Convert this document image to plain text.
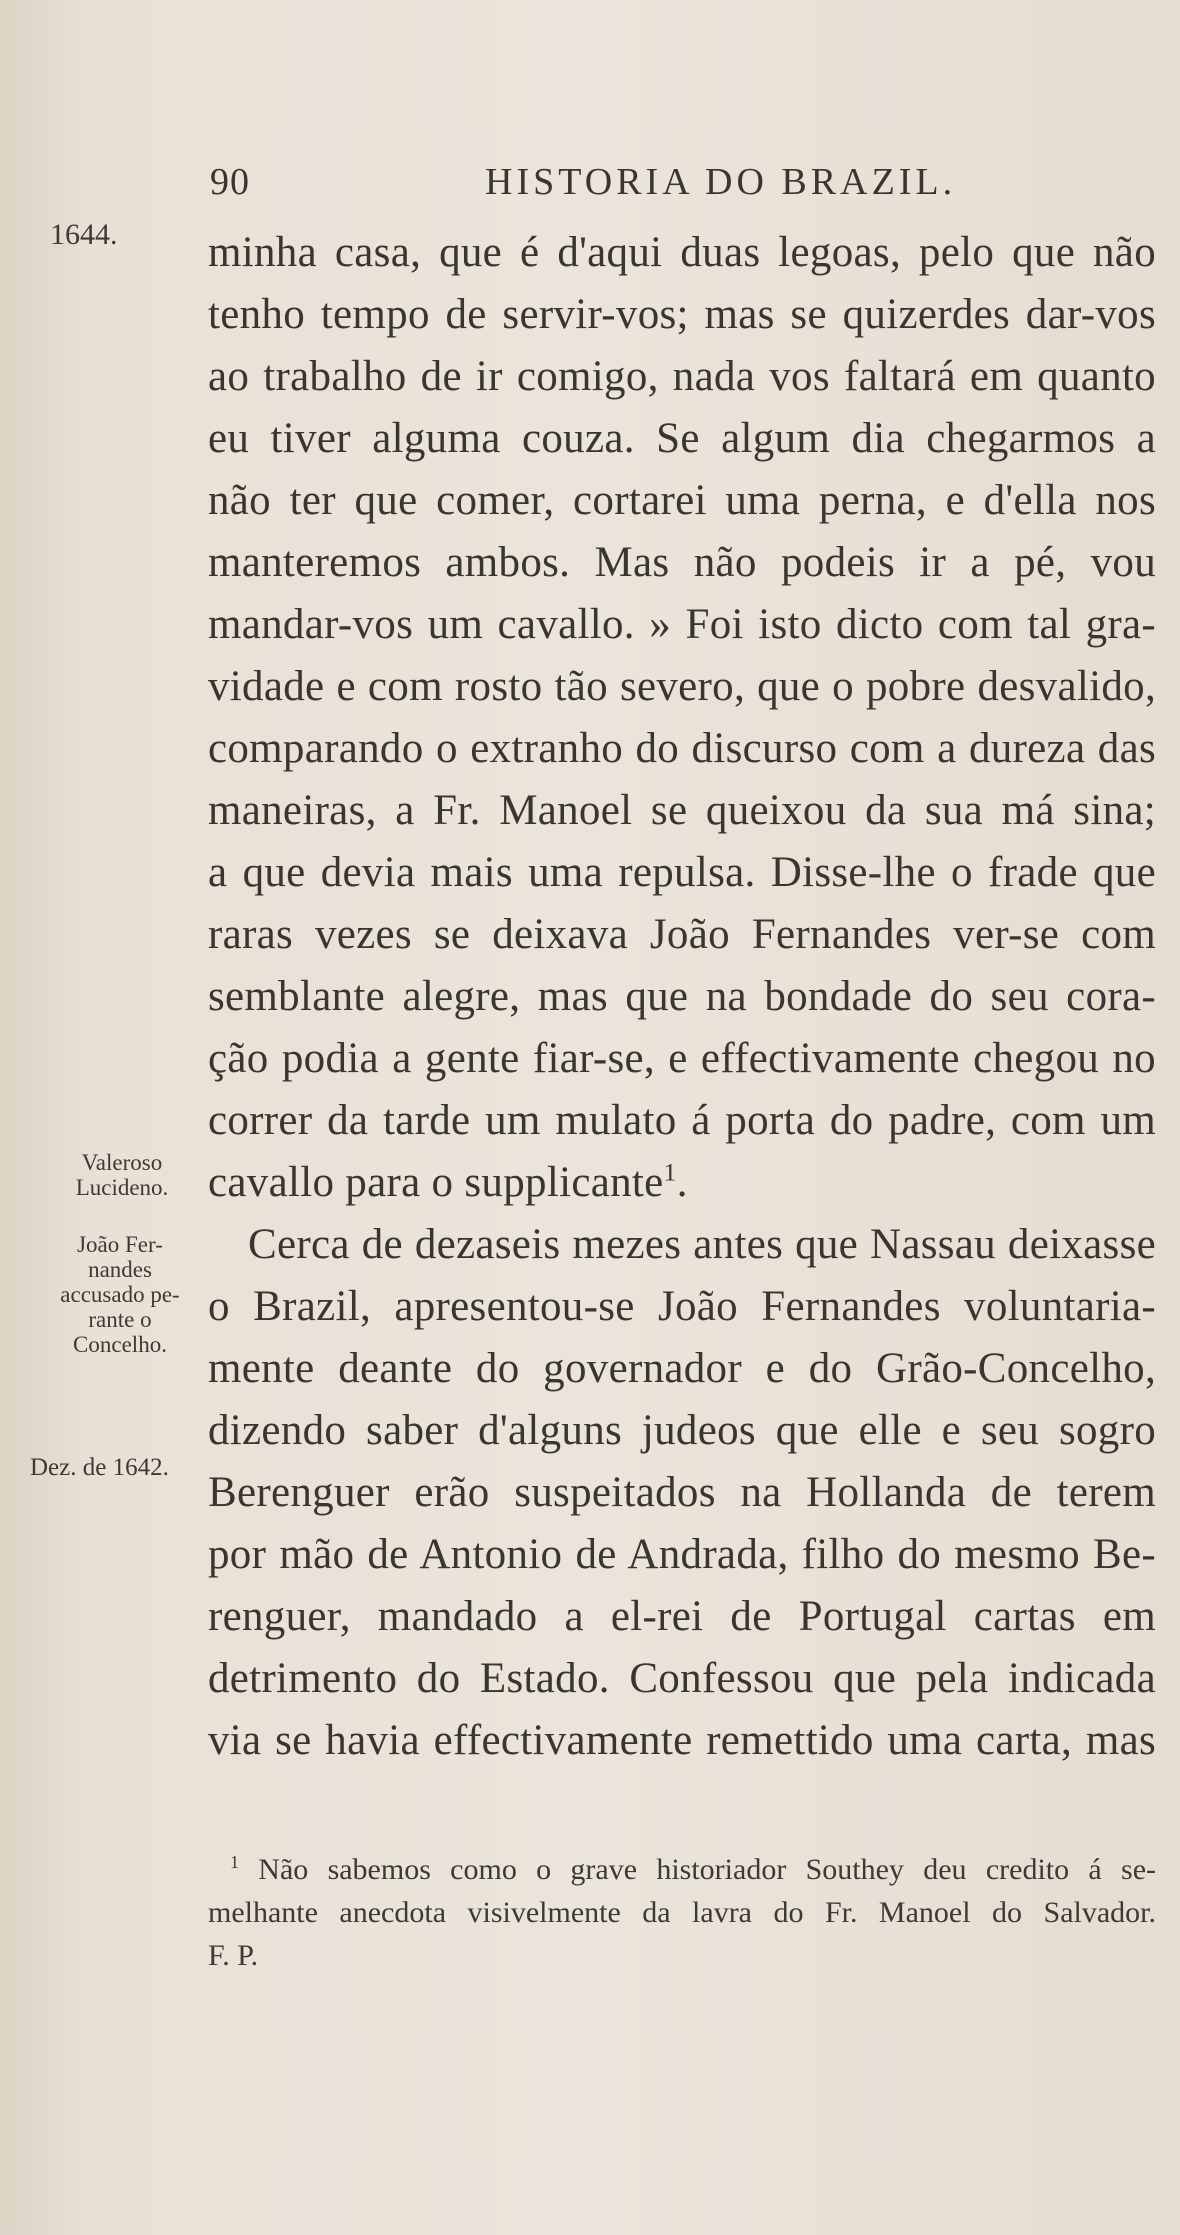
90	HISTORIA DO BRAZIL.
1644.
Valeroso
Lucideno.
João Fer-
nandes
accusado pe-
rante o
Concelho.
Dez. de 1642.
minha casa, que é d'aqui duas legoas, pelo que não
tenho tempo de servir-vos; mas se quizerdes dar-vos
ao trabalho de ir comigo, nada vos faltará em quanto
eu tiver alguma couza. Se algum dia chegarmos a
não ter que comer, cortarei uma perna, e d'ella nos
manteremos ambos. Mas não podeis ir a pé, vou
mandar-vos um cavallo. » Foi isto dicto com tal gra-
vidade e com rosto tão severo, que o pobre desvalido,
comparando o extranho do discurso com a dureza das
maneiras, a Fr. Manoel se queixou da sua má sina;
a que devia mais uma repulsa. Disse-lhe o frade que
raras vezes se deixava João Fernandes ver-se com
semblante alegre, mas que na bondade do seu cora-
ção podia a gente fiar-se, e effectivamente chegou no
correr da tarde um mulato á porta do padre, com um
cavallo para o supplicante$^1$.
Cerca de dezaseis mezes antes que Nassau deixasse
o Brazil, apresentou-se João Fernandes voluntaria-
mente deante do governador e do Grão-Concelho,
dizendo saber d'alguns judeos que elle e seu sogro
Berenguer erão suspeitados na Hollanda de terem
por mão de Antonio de Andrada, filho do mesmo Be-
renguer, mandado a el-rei de Portugal cartas em
detrimento do Estado. Confessou que pela indicada
via se havia effectivamente remettido uma carta, mas
$^1$ Não sabemos como o grave historiador Southey deu credito á se-
melhante anecdota visivelmente da lavra do Fr. Manoel do Salvador.
F. P.
